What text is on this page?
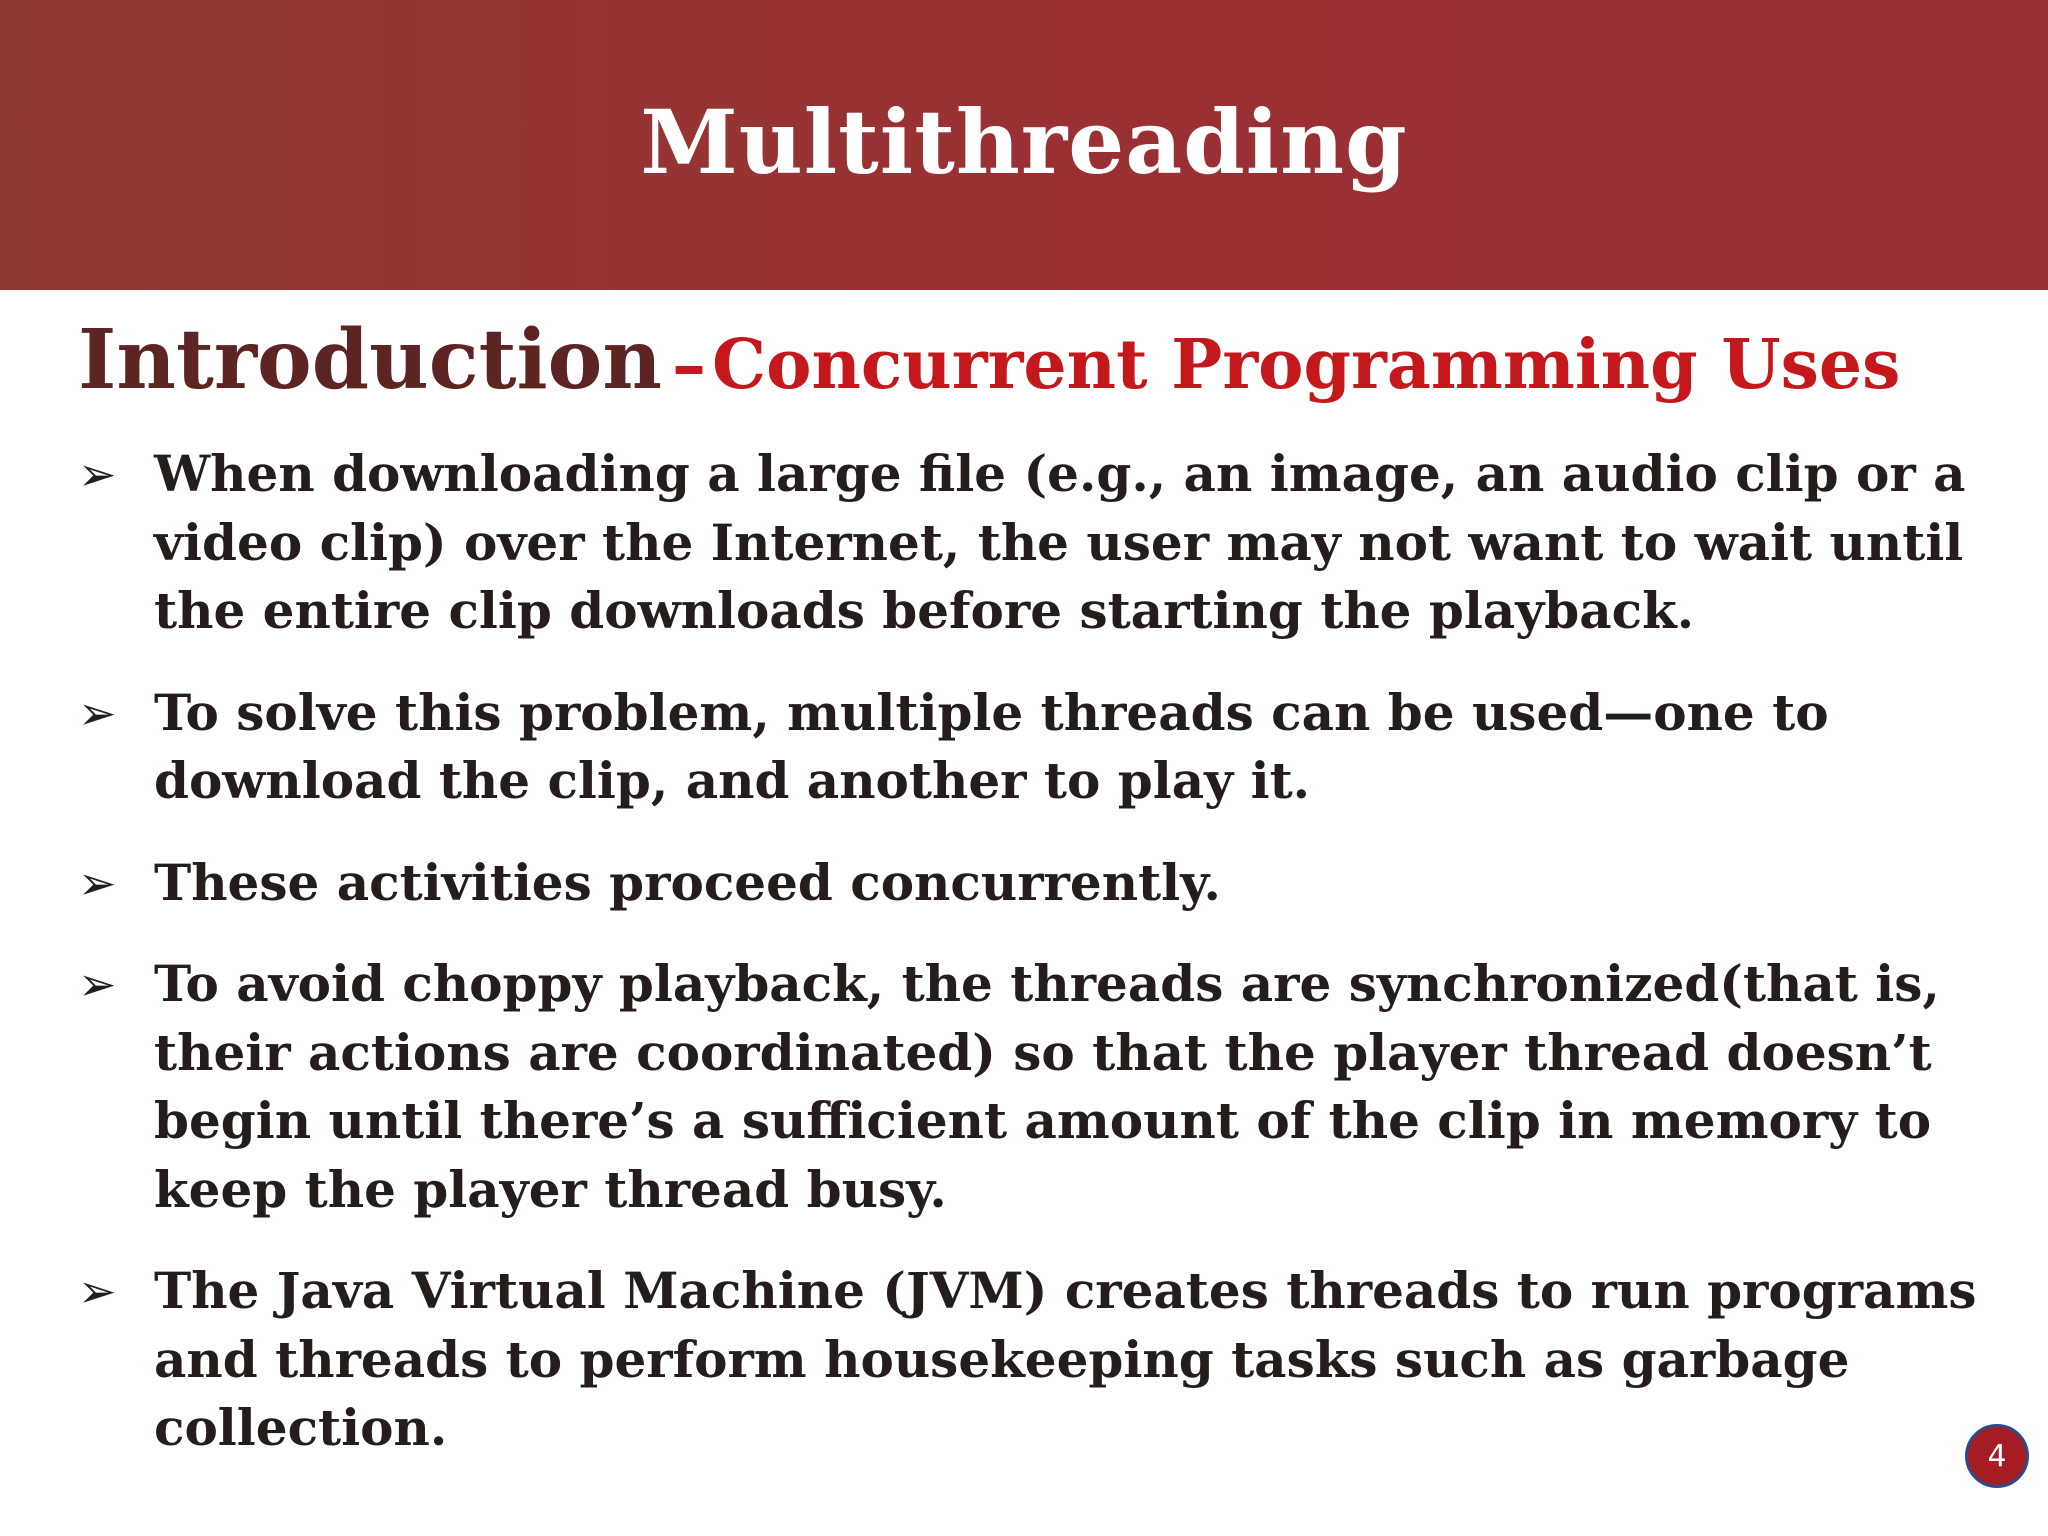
Multithreading
Introduction –Concurrent Programming Uses
➢ When downloading a large file (e.g., an image, an audio clip or a video clip) over the Internet, the user may not want to wait until the entire clip downloads before starting the playback.
➢ To solve this problem, multiple threads can be used—one to download the clip, and another to play it.
➢ These activities proceed concurrently.
➢ To avoid choppy playback, the threads are synchronized(that is, their actions are coordinated) so that the player thread doesn’t begin until there’s a sufficient amount of the clip in memory to keep the player thread busy.
➢ The Java Virtual Machine (JVM) creates threads to run programs and threads to perform housekeeping tasks such as garbage collection.	4
